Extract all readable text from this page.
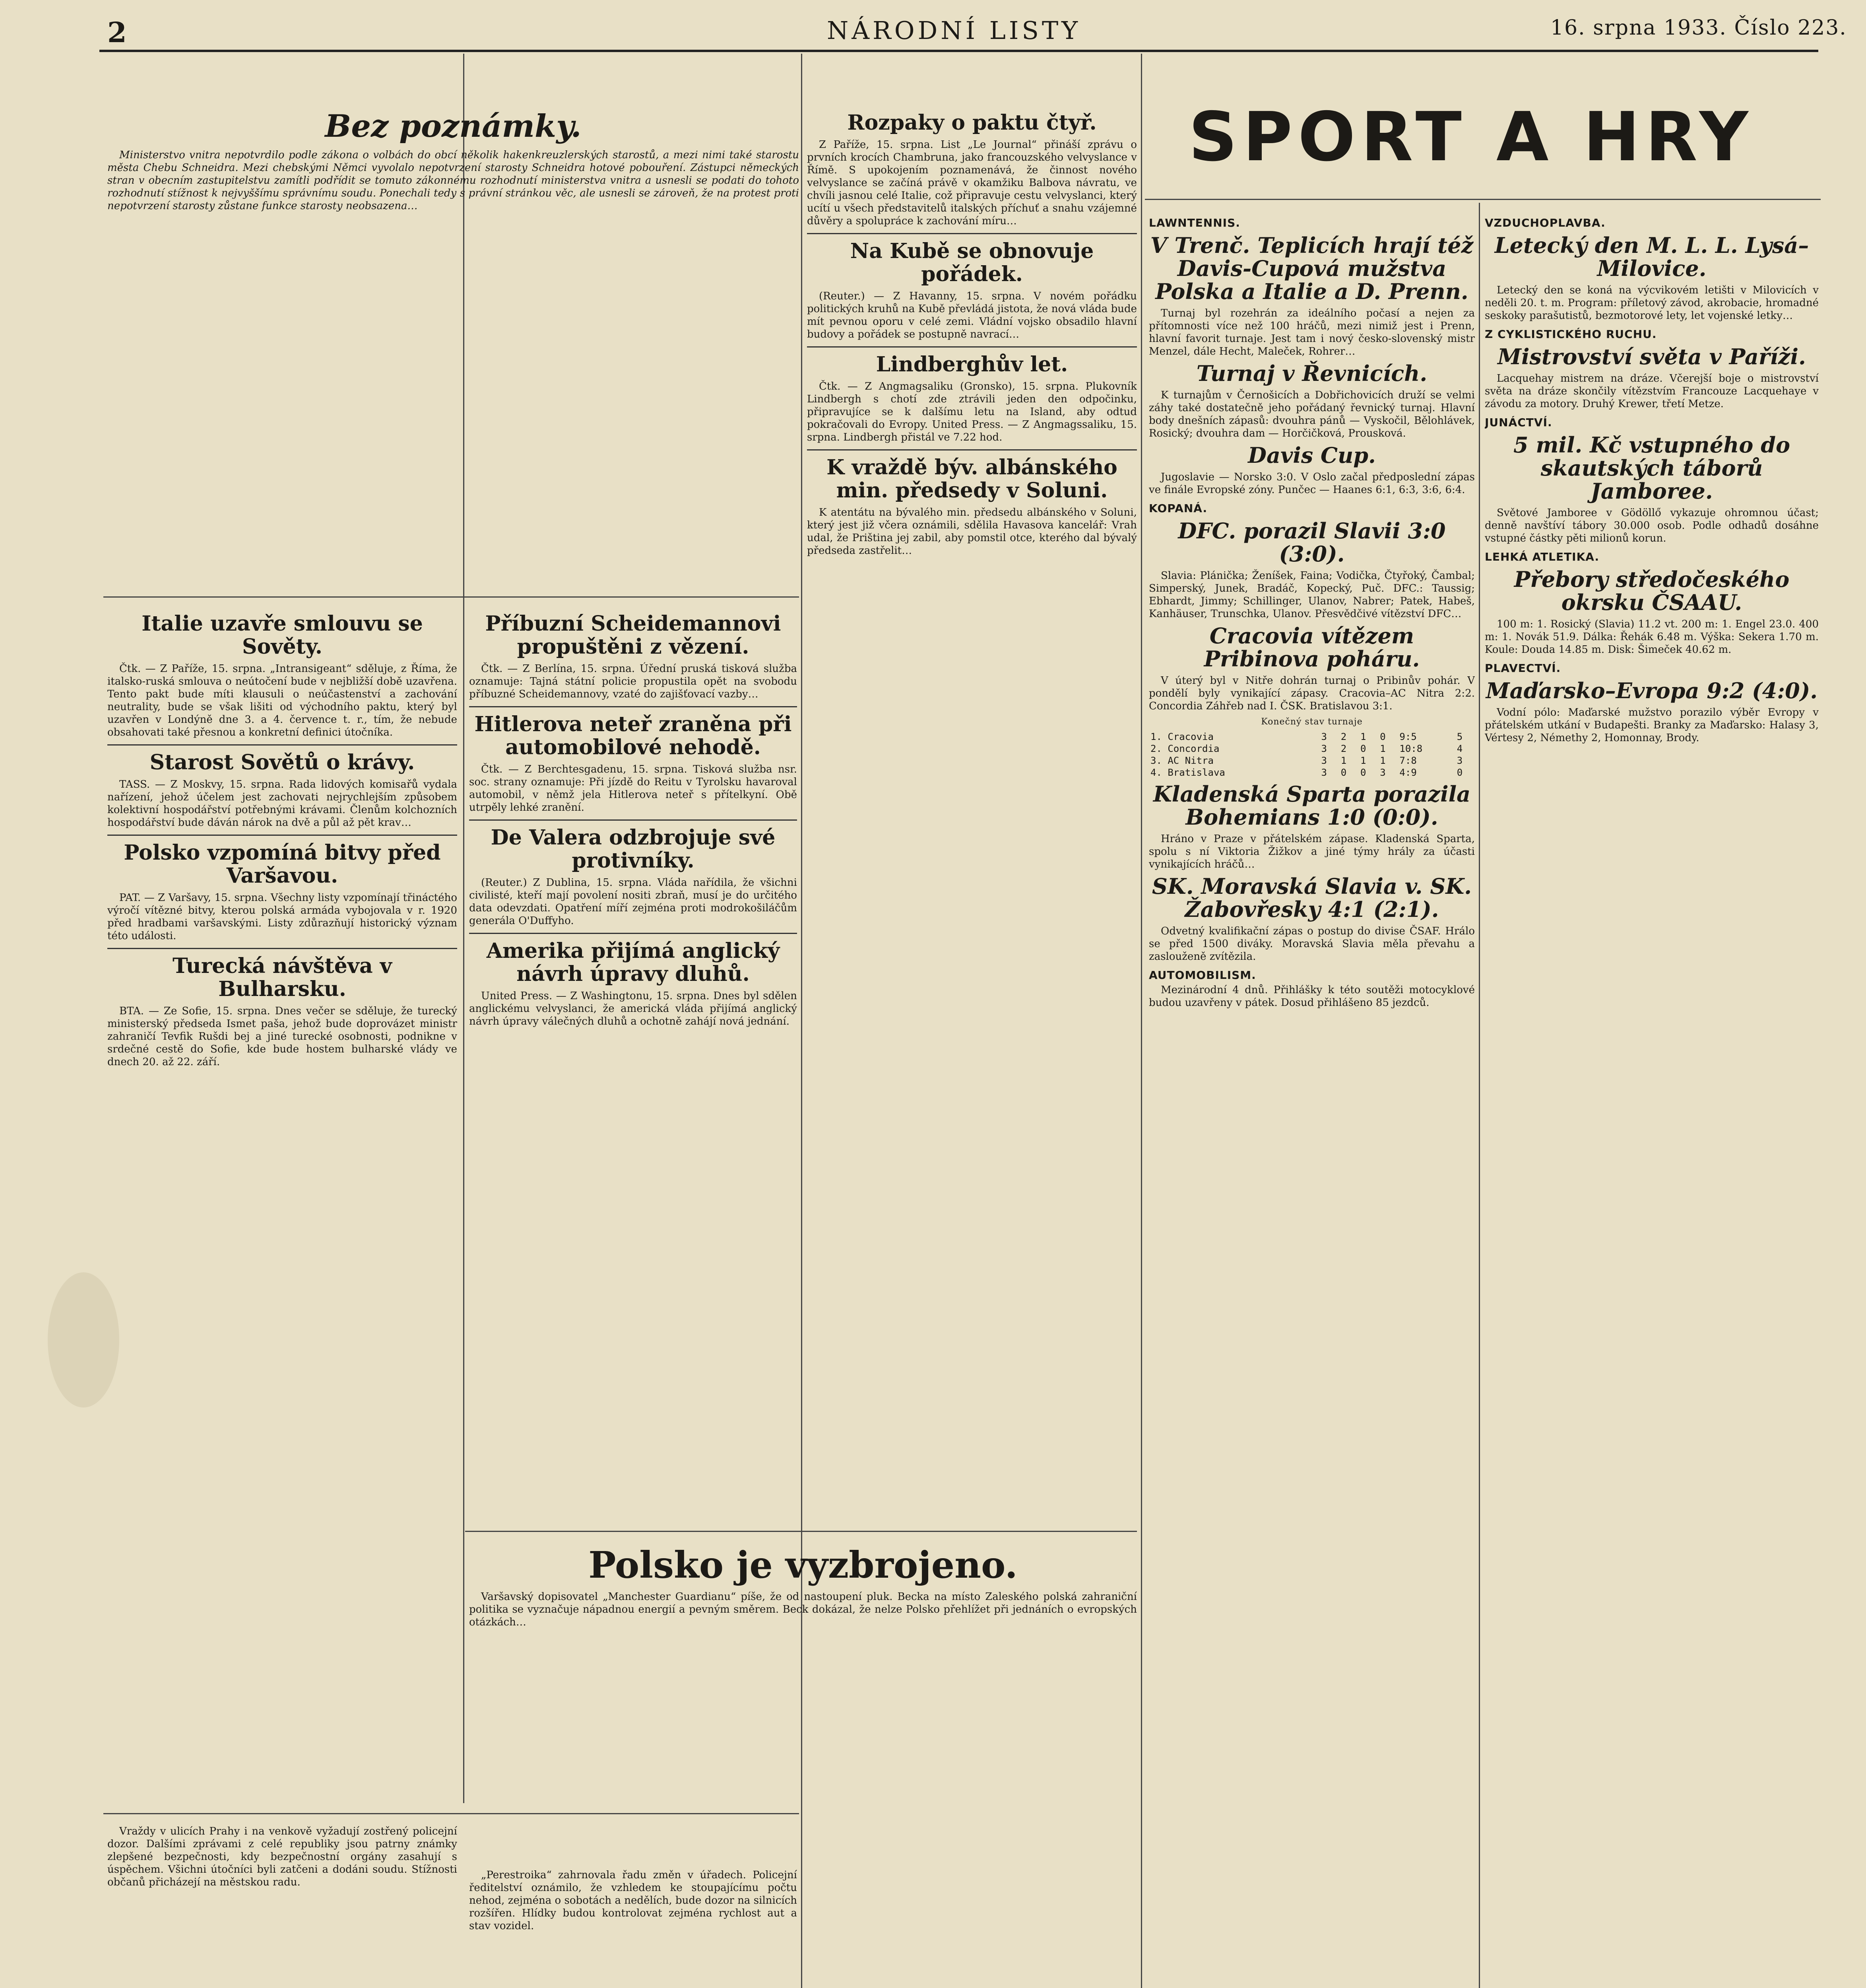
2	NÁRODNÍ LISTY	16. srpna 1933. Číslo 223.
Bez poznámky.

Ministerstvo vnitra nepotvrdilo podle zákona o volbách do obcí několik hakenkreuzlerských starostů, a mezi nimi také starostu města Chebu Schneidra. Mezi chebskými Němci vyvolalo nepotvrzení starosty Schneidra hotové pobouření. Zástupci německých stran v obecním zastupitelstvu zamítli podřídit se tomuto zákonnému rozhodnutí ministerstva vnitra a usnesli se podati do tohoto rozhodnutí stížnost k nejvyššímu správnímu soudu. Ponechali tedy s právní stránkou věc, ale usnesli se zároveň, že na protest proti nepotvrzení starosty zůstane funkce starosty neobsazena…

Italie uzavře smlouvu se Sověty.

Čtk. — Z Paříže, 15. srpna. „Intransigeant“ sděluje, z Říma, že italsko-ruská smlouva o neútočení bude v nejbližší době uzavřena. Tento pakt bude míti klausuli o neúčastenství a zachování neutrality, bude se však lišiti od východního paktu, který byl uzavřen v Londýně dne 3. a 4. července t. r., tím, že nebude obsahovati také přesnou a konkretní definici útočníka.

Starost Sovětů o krávy.

TASS. — Z Moskvy, 15. srpna. Rada lidových komisařů vydala nařízení, jehož účelem jest zachovati nejrychlejším způsobem kolektivní hospodářství potřebnými krávami. Členům kolchozních hospodářství bude dáván nárok na dvě a půl až pět krav…

Polsko vzpomíná bitvy před Varšavou.

PAT. — Z Varšavy, 15. srpna. Všechny listy vzpomínají třináctého výročí vítězné bitvy, kterou polská armáda vybojovala v r. 1920 před hradbami varšavskými. Listy zdůrazňují historický význam této události.

Turecká návštěva v Bulharsku.

BTA. — Ze Sofie, 15. srpna. Dnes večer se sděluje, že turecký ministerský předseda Ismet paša, jehož bude doprovázet ministr zahraničí Tevfik Rušdi bej a jiné turecké osobnosti, podnikne v srdečné cestě do Sofie, kde bude hostem bulharské vlády ve dnech 20. až 22. září.

Příbuzní Scheidemannovi propuštěni z vězení.

Čtk. — Z Berlína, 15. srpna. Úřední pruská tisková služba oznamuje: Tajná státní policie propustila opět na svobodu příbuzné Scheidemannovy, vzaté do zajišťovací vazby…

Hitlerova neteř zraněna při automobilové nehodě.

Čtk. — Z Berchtesgadenu, 15. srpna. Tisková služba nsr. soc. strany oznamuje: Při jízdě do Reitu v Tyrolsku havaroval automobil, v němž jela Hitlerova neteř s přítelkyní. Obě utrpěly lehké zranění.

De Valera odzbrojuje své protivníky.

(Reuter.) Z Dublina, 15. srpna. Vláda nařídila, že všichni civilisté, kteří mají povolení nositi zbraň, musí je do určitého data odevzdati. Opatření míří zejména proti modrokošiláčům generála O'Duffyho.

Amerika přijímá anglický návrh úpravy dluhů.

United Press. — Z Washingtonu, 15. srpna. Dnes byl sdělen anglickému velvyslanci, že americká vláda přijímá anglický návrh úpravy válečných dluhů a ochotně zahájí nová jednání.

Rozpaky o paktu čtyř.

Z Paříže, 15. srpna. List „Le Journal“ přináší zprávu o prvních krocích Chambruna, jako francouzského velvyslance v Římě. S upokojením poznamenává, že činnost nového velvyslance se začíná právě v okamžiku Balbova návratu, ve chvíli jasnou celé Italie, což připravuje cestu velvyslanci, který ucítí u všech představitelů italských příchuť a snahu vzájemné důvěry a spolupráce k zachování míru…

Na Kubě se obnovuje pořádek.

(Reuter.) — Z Havanny, 15. srpna. V novém pořádku politických kruhů na Kubě převládá jistota, že nová vláda bude mít pevnou oporu v celé zemi. Vládní vojsko obsadilo hlavní budovy a pořádek se postupně navrací…

Lindberghův let.

Čtk. — Z Angmagsaliku (Gronsko), 15. srpna. Plukovník Lindbergh s chotí zde ztrávili jeden den odpočinku, připravujíce se k dalšímu letu na Island, aby odtud pokračovali do Evropy. United Press. — Z Angmagssaliku, 15. srpna. Lindbergh přistál ve 7.22 hod.

K vraždě býv. albánského min. předsedy v Soluni.

K atentátu na bývalého min. předsedu albánského v Soluni, který jest již včera oznámili, sdělila Havasova kancelář: Vrah udal, že Priština jej zabil, aby pomstil otce, kterého dal bývalý předseda zastřelit…

Polsko je vyzbrojeno.

Varšavský dopisovatel „Manchester Guardianu“ píše, že od nastoupení pluk. Becka na místo Zaleského polská zahraniční politika se vyznačuje nápadnou energií a pevným směrem. Beck dokázal, že nelze Polsko přehlížet při jednáních o evropských otázkách…

Vraždy v ulicích Prahy i na venkově vyžadují zostřený policejní dozor. Dalšími zprávami z celé republiky jsou patrny známky zlepšené bezpečnosti, kdy bezpečnostní orgány zasahují s úspěchem. Všichni útočníci byli zatčeni a dodáni soudu. Stížnosti občanů přicházejí na městskou radu.

„Perestroika“ zahrnovala řadu změn v úřadech. Policejní ředitelství oznámilo, že vzhledem ke stoupajícímu počtu nehod, zejména o sobotách a nedělích, bude dozor na silnicích rozšířen. Hlídky budou kontrolovat zejména rychlost aut a stav vozidel.

SPORT A HRY
LAWNTENNIS.
V Trenč. Teplicích hrají též Davis-Cupová mužstva Polska a Italie a D. Prenn.

Turnaj byl rozehrán za ideálního počasí a nejen za přítomnosti více než 100 hráčů, mezi nimiž jest i Prenn, hlavní favorit turnaje. Jest tam i nový česko-slovenský mistr Menzel, dále Hecht, Maleček, Rohrer…

Turnaj v Řevnicích.

K turnajům v Černošicích a Dobřichovicích druží se velmi záhy také dostatečně jeho pořádaný řevnický turnaj. Hlavní body dnešních zápasů: dvouhra pánů — Vyskočil, Bělohlávek, Rosický; dvouhra dam — Horčičková, Prousková.

Davis Cup.

Jugoslavie — Norsko 3:0. V Oslo začal předposlední zápas ve finále Evropské zóny. Punčec — Haanes 6:1, 6:3, 3:6, 6:4.

KOPANÁ.
DFC. porazil Slavii 3:0 (3:0).

Slavia: Plánička; Ženíšek, Faina; Vodička, Čtyřoký, Čambal; Simperský, Junek, Bradáč, Kopecký, Puč. DFC.: Taussig; Ebhardt, Jimmy; Schillinger, Ulanov, Nabrer; Patek, Habeš, Kanhäuser, Trunschka, Ulanov. Přesvědčivé vítězství DFC…

Cracovia vítězem Pribinova poháru.

V úterý byl v Nitře dohrán turnaj o Pribinův pohár. V pondělí byly vynikající zápasy. Cracovia–AC Nitra 2:2. Concordia Záhřeb nad I. ČSK. Bratislavou 3:1.

Konečný stav turnaje
1. Cracovia	3	2	1	0	9:5	5
2. Concordia	3	2	0	1	10:8	4
3. AC Nitra	3	1	1	1	7:8	3
4. Bratislava	3	0	0	3	4:9	0
Kladenská Sparta porazila Bohemians 1:0 (0:0).

Hráno v Praze v přátelském zápase. Kladenská Sparta, spolu s ní Viktoria Žižkov a jiné týmy hrály za účasti vynikajících hráčů…

SK. Moravská Slavia v. SK. Žabovřesky 4:1 (2:1).

Odvetný kvalifikační zápas o postup do divise ČSAF. Hrálo se před 1500 diváky. Moravská Slavia měla převahu a zaslouženě zvítězila.

AUTOMOBILISM.

Mezinárodní 4 dnů. Přihlášky k této soutěži motocyklové budou uzavřeny v pátek. Dosud přihlášeno 85 jezdců.

VZDUCHOPLAVBA.
Letecký den M. L. L. Lysá–Milovice.

Letecký den se koná na výcvikovém letišti v Milovicích v neděli 20. t. m. Program: příletový závod, akrobacie, hromadné seskoky parašutistů, bezmotorové lety, let vojenské letky…

Z CYKLISTICKÉHO RUCHU.
Mistrovství světa v Paříži.

Lacquehay mistrem na dráze. Včerejší boje o mistrovství světa na dráze skončily vítězstvím Francouze Lacquehaye v závodu za motory. Druhý Krewer, třetí Metze.

JUNÁCTVÍ.
5 mil. Kč vstupného do skautských táborů Jamboree.

Světové Jamboree v Gödöllő vykazuje ohromnou účast; denně navštíví tábory 30.000 osob. Podle odhadů dosáhne vstupné částky pěti milionů korun.

LEHKÁ ATLETIKA.
Přebory středočeského okrsku ČSAAU.

100 m: 1. Rosický (Slavia) 11.2 vt. 200 m: 1. Engel 23.0. 400 m: 1. Novák 51.9. Dálka: Řehák 6.48 m. Výška: Sekera 1.70 m. Koule: Douda 14.85 m. Disk: Šimeček 40.62 m.

PLAVECTVÍ.
Maďarsko–Evropa 9:2 (4:0).

Vodní pólo: Maďarské mužstvo porazilo výběr Evropy v přátelském utkání v Budapešti. Branky za Maďarsko: Halasy 3, Vértesy 2, Némethy 2, Homonnay, Brody.
